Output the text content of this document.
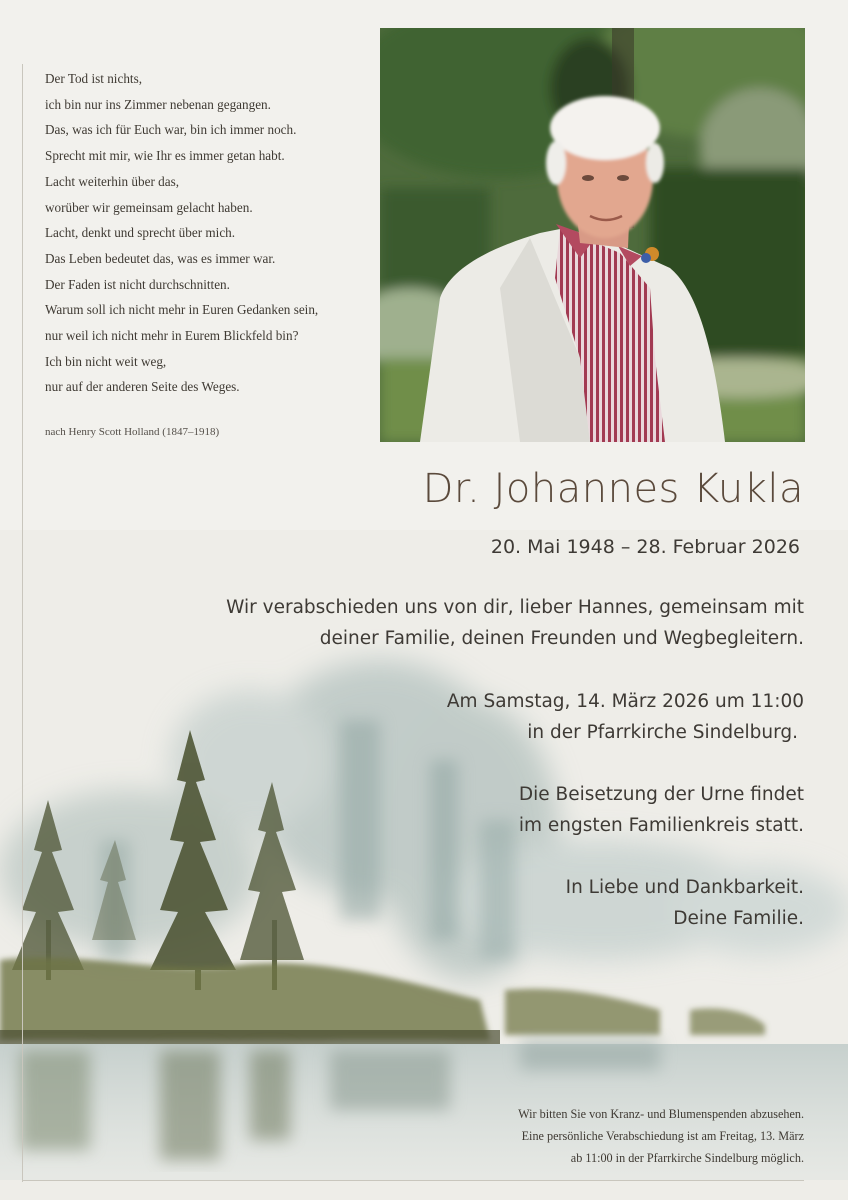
Der Tod ist nichts,
ich bin nur ins Zimmer nebenan gegangen.
Das, was ich für Euch war, bin ich immer noch.
Sprecht mit mir, wie Ihr es immer getan habt.
Lacht weiterhin über das,
worüber wir gemeinsam gelacht haben.
Lacht, denkt und sprecht über mich.
Das Leben bedeutet das, was es immer war.
Der Faden ist nicht durchschnitten.
Warum soll ich nicht mehr in Euren Gedanken sein,
nur weil ich nicht mehr in Eurem Blickfeld bin?
Ich bin nicht weit weg,
nur auf der anderen Seite des Weges.
nach Henry Scott Holland (1847–1918)
Dr. Johannes Kukla
20. Mai 1948 – 28. Februar 2026
Wir verabschieden uns von dir, lieber Hannes, gemeinsam mit
deiner Familie, deinen Freunden und Wegbegleitern.
Am Samstag, 14. März 2026 um 11:00
in der Pfarrkirche Sindelburg.
Die Beisetzung der Urne findet
im engsten Familienkreis statt.
In Liebe und Dankbarkeit.
Deine Familie.
Wir bitten Sie von Kranz- und Blumenspenden abzusehen.
Eine persönliche Verabschiedung ist am Freitag, 13. März
ab 11:00 in der Pfarrkirche Sindelburg möglich.
